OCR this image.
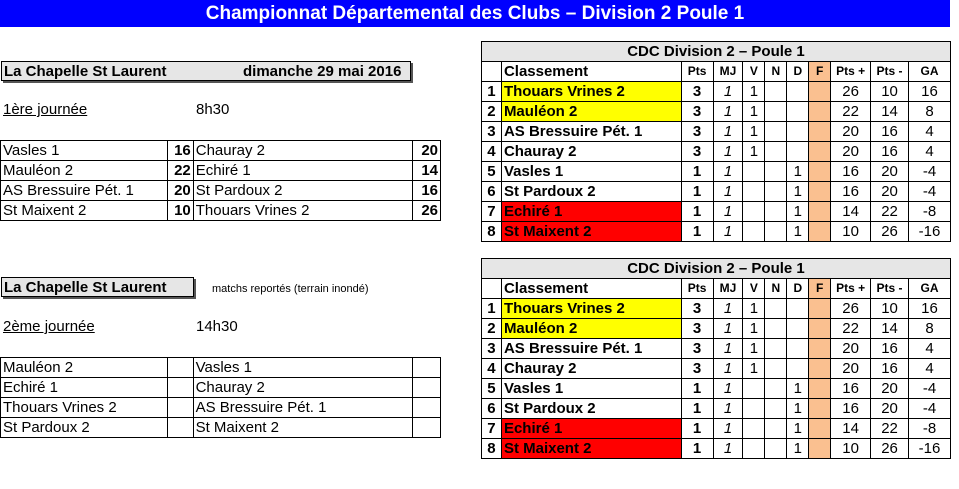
Championnat Départemental des Clubs – Division 2 Poule 1
La Chapelle St Laurent	dimanche 29 mai 2016
1ère journée	8h30
Vasles 1	16	Chauray 2	20
Mauléon 2	22	Echiré 1	14
AS Bressuire Pét. 1	20	St Pardoux 2	16
St Maixent 2	10	Thouars Vrines 2	26
La Chapelle St Laurent	matchs reportés (terrain inondé)
2ème journée	14h30
Mauléon 2		Vasles 1	
Echiré 1		Chauray 2	
Thouars Vrines 2		AS Bressuire Pét. 1	
St Pardoux 2		St Maixent 2	
CDC Division 2 – Poule 1										
	Classement	Pts	MJ	V	N	D	F	Pts +	Pts -	GA
1	Thouars Vrines 2	3	1	1				26	10	16
2	Mauléon 2	3	1	1				22	14	8
3	AS Bressuire Pét. 1	3	1	1				20	16	4
4	Chauray 2	3	1	1				20	16	4
5	Vasles 1	1	1			1		16	20	-4
6	St Pardoux 2	1	1			1		16	20	-4
7	Echiré 1	1	1			1		14	22	-8
8	St Maixent 2	1	1			1		10	26	-16
CDC Division 2 – Poule 1										
	Classement	Pts	MJ	V	N	D	F	Pts +	Pts -	GA
1	Thouars Vrines 2	3	1	1				26	10	16
2	Mauléon 2	3	1	1				22	14	8
3	AS Bressuire Pét. 1	3	1	1				20	16	4
4	Chauray 2	3	1	1				20	16	4
5	Vasles 1	1	1			1		16	20	-4
6	St Pardoux 2	1	1			1		16	20	-4
7	Echiré 1	1	1			1		14	22	-8
8	St Maixent 2	1	1			1		10	26	-16
